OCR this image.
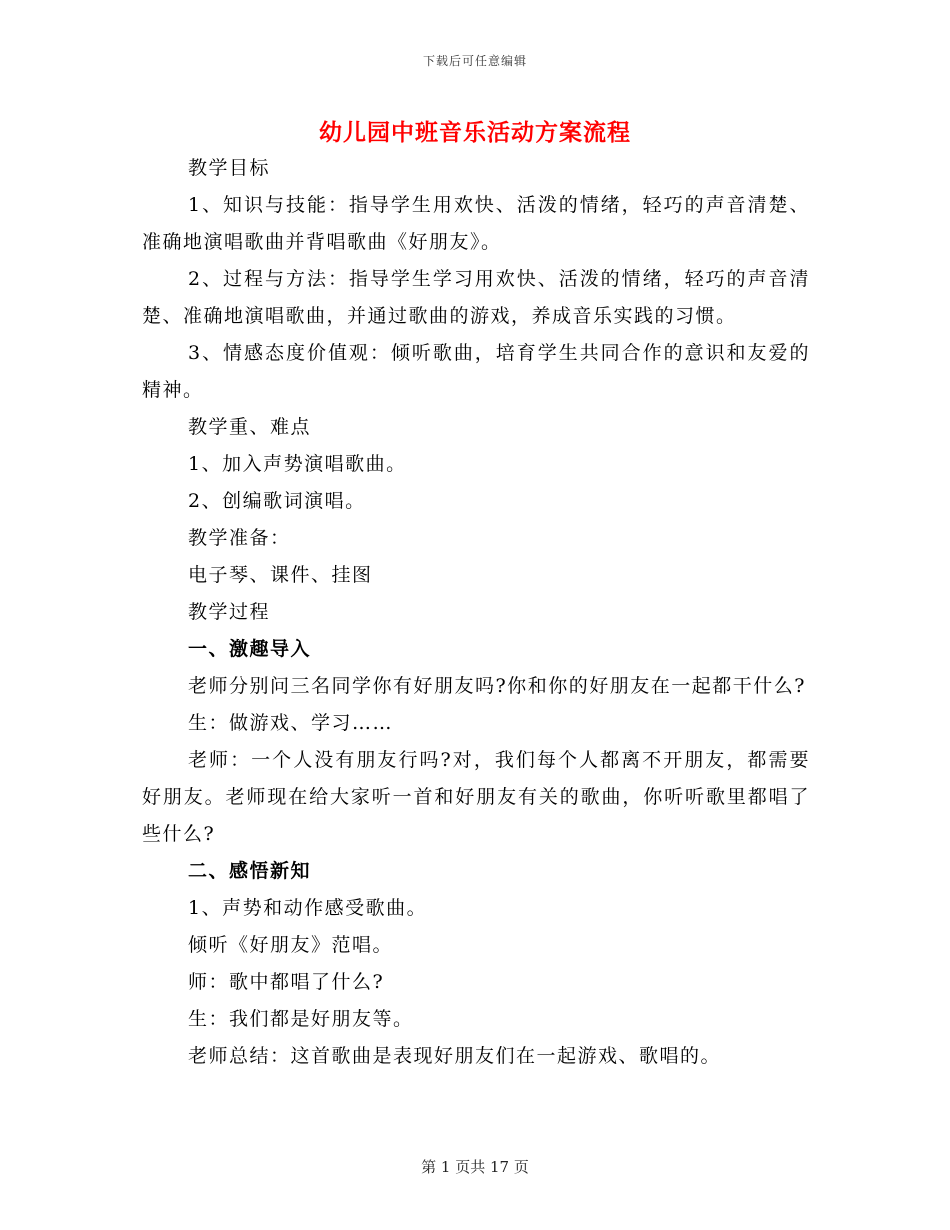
下载后可任意编辑
幼儿园中班音乐活动方案流程

教学目标

1、知识与技能：指导学生用欢快、活泼的情绪，轻巧的声音清楚、准确地演唱歌曲并背唱歌曲《好朋友》。

2、过程与方法：指导学生学习用欢快、活泼的情绪，轻巧的声音清楚、准确地演唱歌曲，并通过歌曲的游戏，养成音乐实践的习惯。

3、情感态度价值观：倾听歌曲，培育学生共同合作的意识和友爱的精神。

教学重、难点

1、加入声势演唱歌曲。

2、创编歌词演唱。

教学准备：

电子琴、课件、挂图

教学过程

一、激趣导入

老师分别问三名同学你有好朋友吗?你和你的好朋友在一起都干什么?

生：做游戏、学习……

老师：一个人没有朋友行吗?对，我们每个人都离不开朋友，都需要好朋友。老师现在给大家听一首和好朋友有关的歌曲，你听听歌里都唱了些什么?

二、感悟新知

1、声势和动作感受歌曲。

倾听《好朋友》范唱。

师：歌中都唱了什么?

生：我们都是好朋友等。

老师总结：这首歌曲是表现好朋友们在一起游戏、歌唱的。

第 1 页共 17 页
